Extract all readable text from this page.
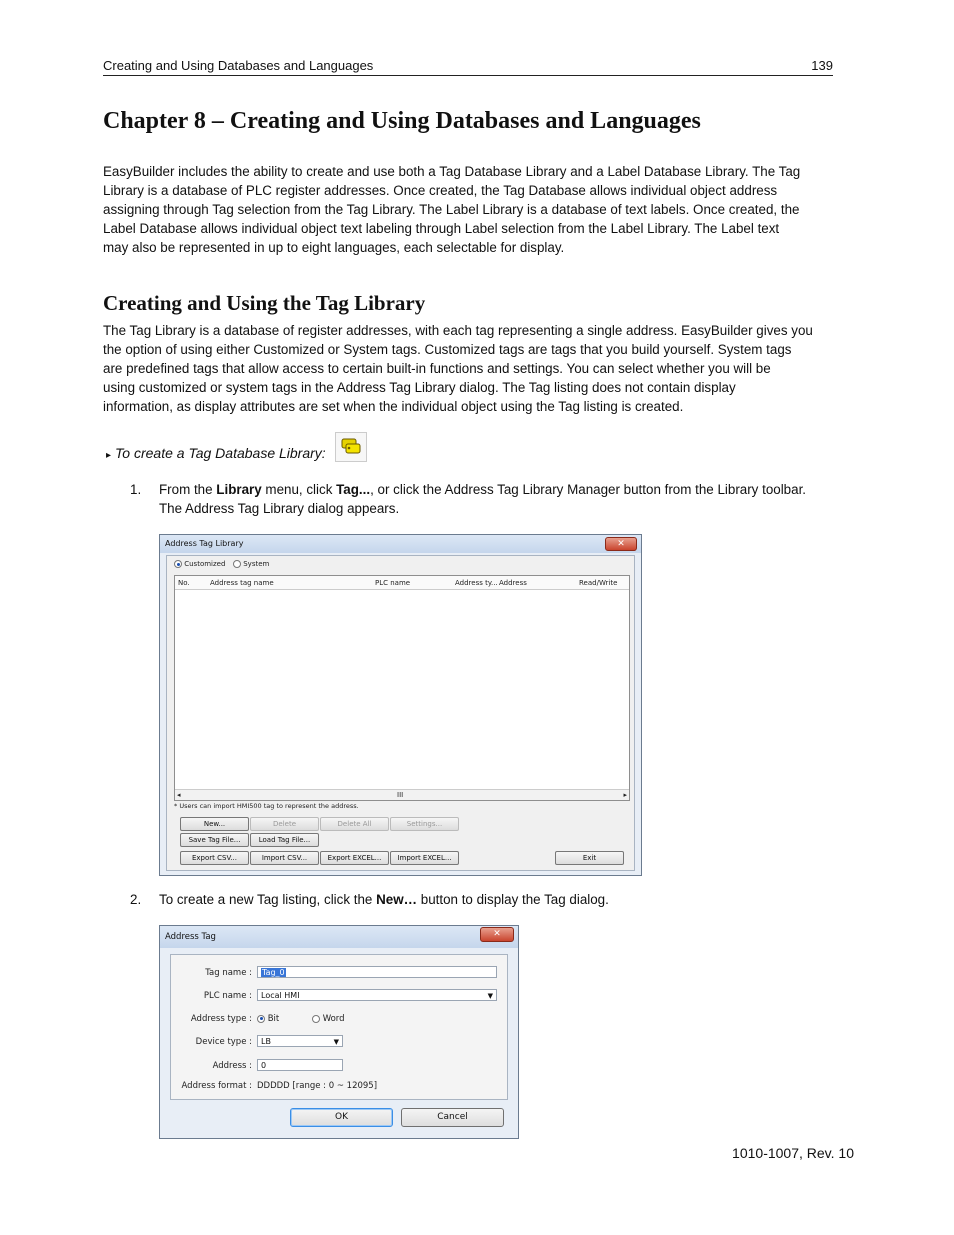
Creating and Using Databases and Languages	139
Chapter 8 – Creating and Using Databases and Languages
EasyBuilder includes the ability to create and use both a Tag Database Library and a Label Database Library. The Tag
Library is a database of PLC register addresses. Once created, the Tag Database allows individual object address
assigning through Tag selection from the Tag Library. The Label Library is a database of text labels. Once created, the
Label Database allows individual object text labeling through Label selection from the Label Library. The Label text
may also be represented in up to eight languages, each selectable for display.
Creating and Using the Tag Library
The Tag Library is a database of register addresses, with each tag representing a single address. EasyBuilder gives you
the option of using either Customized or System tags. Customized tags are tags that you build yourself. System tags
are predefined tags that allow access to certain built-in functions and settings. You can select whether you will be
using customized or system tags in the Address Tag Library dialog. The Tag listing does not contain display
information, as display attributes are set when the individual object using the Tag listing is created.
▸ To create a Tag Database Library:
1. From the Library menu, click Tag..., or click the Address Tag Library Manager button from the Library toolbar.
The Address Tag Library dialog appears.
Address Tag Library	✕
Customized	System
No.	Address tag name	PLC name	Address ty... Address	Read/Write
◂	III	▸
* Users can import HMI500 tag to represent the address.
New...	Delete	Delete All	Settings...
Save Tag File...	Load Tag File...
Export CSV...	Import CSV...	Export EXCEL...	Import EXCEL...	Exit
2. To create a new Tag listing, click the New… button to display the Tag dialog.
Address Tag	✕
Tag name :	Tag_0
PLC name :	Local HMI	▼
Address type :	Bit	Word
Device type :	LB	▼
Address :	0
Address format : DDDDD [range : 0 ~ 12095]
OK	Cancel
1010-1007, Rev. 10
